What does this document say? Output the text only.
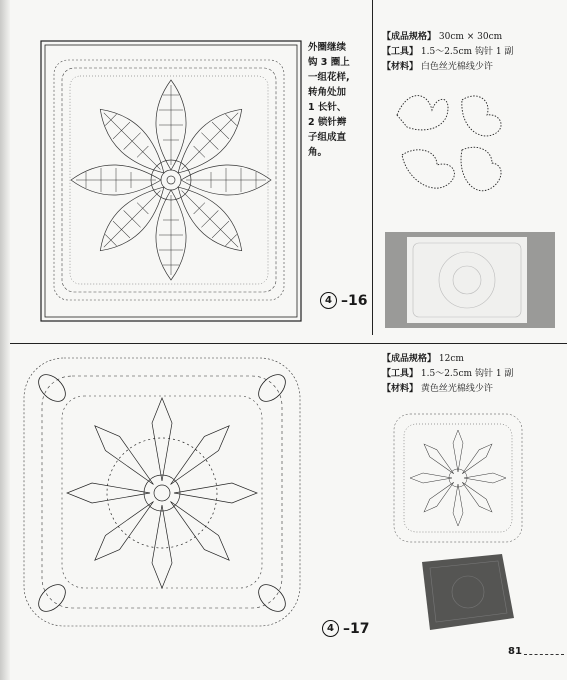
外圈继续
钩 3 圈上
一组花样,
转角处加
1 长针、
2 锁针辫
子组成直
角。
【成品规格】 30cm × 30cm
【工具】 1.5～2.5cm 钩针 1 副
【材料】 白色丝光棉线少许
4 –16
【成品规格】 12cm
【工具】 1.5～2.5cm 钩针 1 副
【材料】 黄色丝光棉线少许
4 –17
81
